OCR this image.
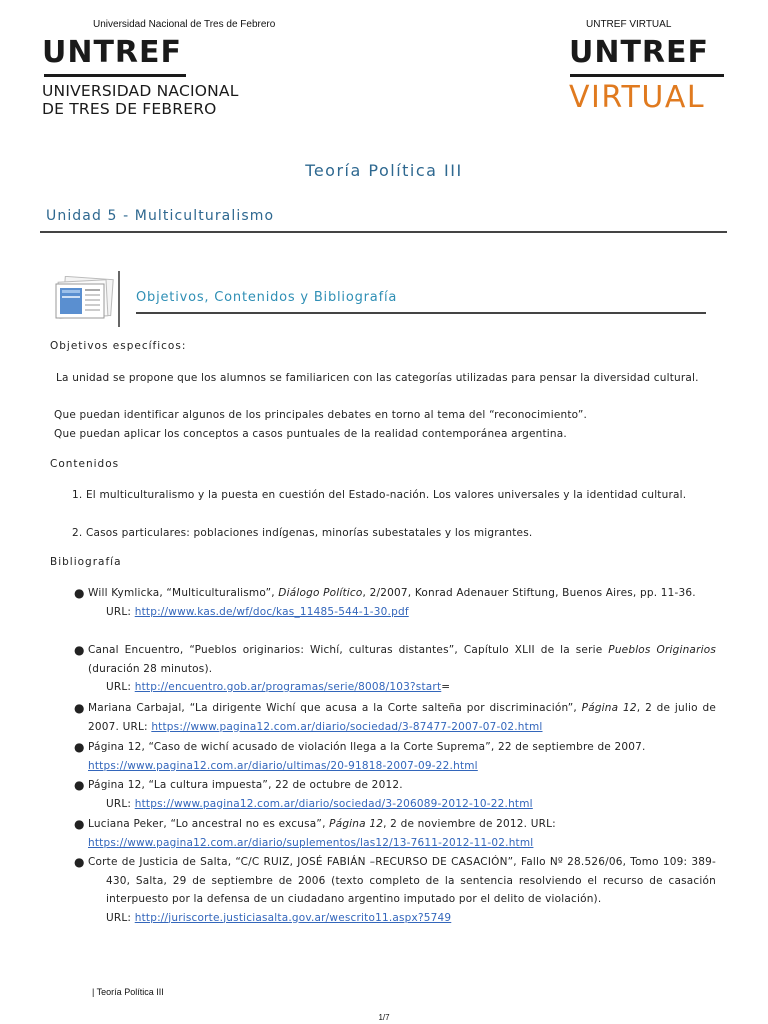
Universidad Nacional de Tres de Febrero	UNTREF VIRTUAL
UNTREF
UNIVERSIDAD NACIONAL
DE TRES DE FEBRERO
UNTREF
VIRTUAL
Teoría Política III
Unidad 5 - Multiculturalismo
Objetivos, Contenidos y Bibliografía
Objetivos específicos:
La unidad se propone que los alumnos se familiaricen con las categorías utilizadas para pensar la diversidad cultural.
Que puedan identificar algunos de los principales debates en torno al tema del “reconocimiento”.
Que puedan aplicar los conceptos a casos puntuales de la realidad contemporánea argentina.
Contenidos
1. El multiculturalismo y la puesta en cuestión del Estado-nación. Los valores universales y la identidad cultural.
2. Casos particulares: poblaciones indígenas, minorías subestatales y los migrantes.
Bibliografía
● Will Kymlicka, “Multiculturalismo”, Diálogo Político, 2/2007, Konrad Adenauer Stiftung, Buenos Aires, pp. 11-36.
URL: http://www.kas.de/wf/doc/kas_11485-544-1-30.pdf
● Canal Encuentro, “Pueblos originarios: Wichí, culturas distantes”, Capítulo XLII de la serie Pueblos Originarios (duración 28 minutos).
URL: http://encuentro.gob.ar/programas/serie/8008/103?start=
● Mariana Carbajal, “La dirigente Wichí que acusa a la Corte salteña por discriminación”, Página 12, 2 de julio de 2007. URL: https://www.pagina12.com.ar/diario/sociedad/3-87477-2007-07-02.html
● Página 12, “Caso de wichí acusado de violación llega a la Corte Suprema”, 22 de septiembre de 2007.
https://www.pagina12.com.ar/diario/ultimas/20-91818-2007-09-22.html
● Página 12, “La cultura impuesta”, 22 de octubre de 2012.
URL: https://www.pagina12.com.ar/diario/sociedad/3-206089-2012-10-22.html
● Luciana Peker, “Lo ancestral no es excusa”, Página 12, 2 de noviembre de 2012. URL:
https://www.pagina12.com.ar/diario/suplementos/las12/13-7611-2012-11-02.html
● Corte de Justicia de Salta, “C/C RUIZ, JOSÉ FABIÁN –RECURSO DE CASACIÓN”, Fallo Nº 28.526/06, Tomo 109: 389-430, Salta, 29 de septiembre de 2006 (texto completo de la sentencia resolviendo el recurso de casación interpuesto por la defensa de un ciudadano argentino imputado por el delito de violación).
URL: http://juriscorte.justiciasalta.gov.ar/wescrito11.aspx?5749
| Teoría Política III
1/7
